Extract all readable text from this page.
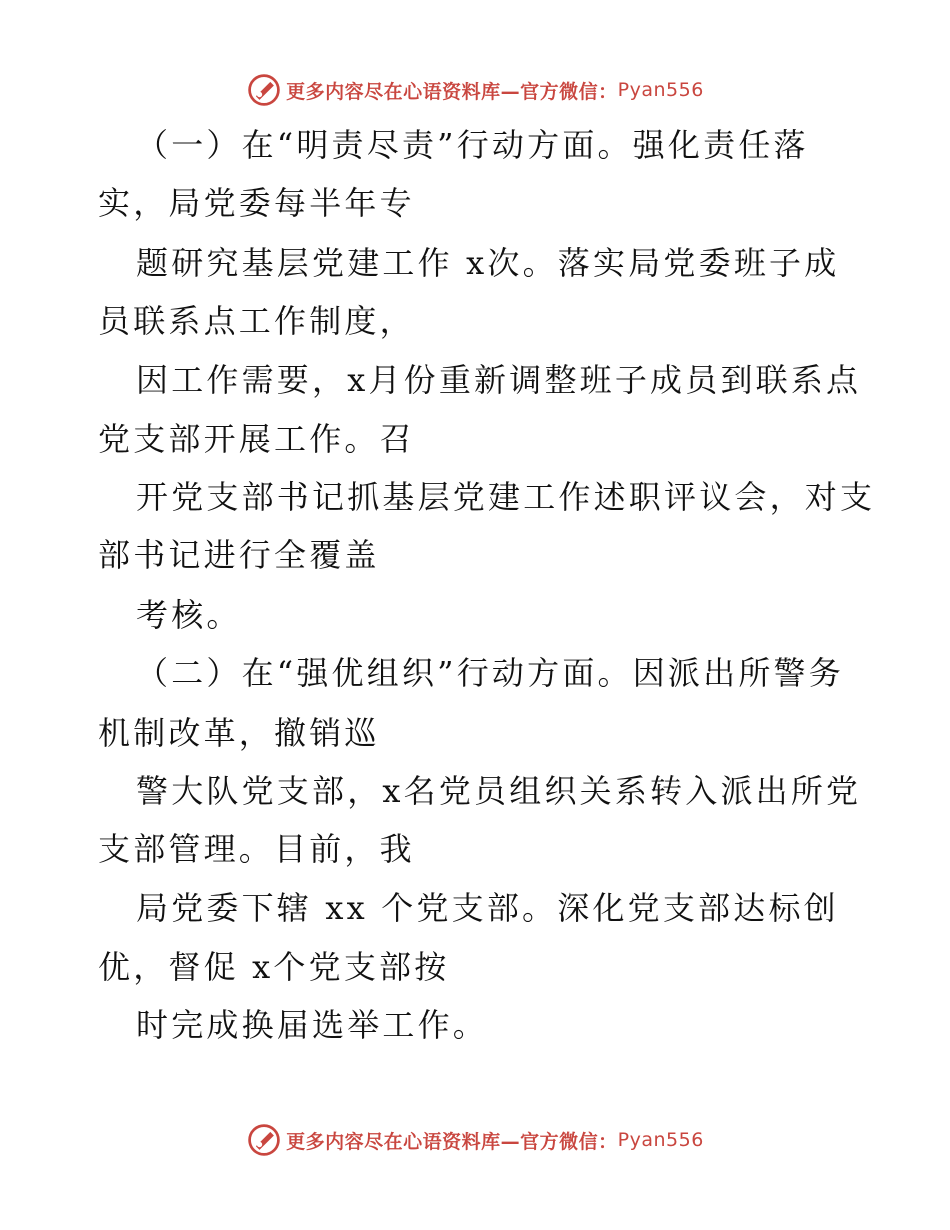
更多内容尽在心语资料库—官方微信： Pyan556
（一）在“明责尽责”行动方面。强化责任落
实，局党委每半年专
题研究基层党建工作 x次。落实局党委班子成
员联系点工作制度，
因工作需要，x月份重新调整班子成员到联系点
党支部开展工作。召
开党支部书记抓基层党建工作述职评议会，对支
部书记进行全覆盖
考核。
（二）在“强优组织”行动方面。因派出所警务
机制改革，撤销巡
警大队党支部，x名党员组织关系转入派出所党
支部管理。目前，我
局党委下辖 xx 个党支部。深化党支部达标创
优，督促 x个党支部按
时完成换届选举工作。
更多内容尽在心语资料库—官方微信： Pyan556
